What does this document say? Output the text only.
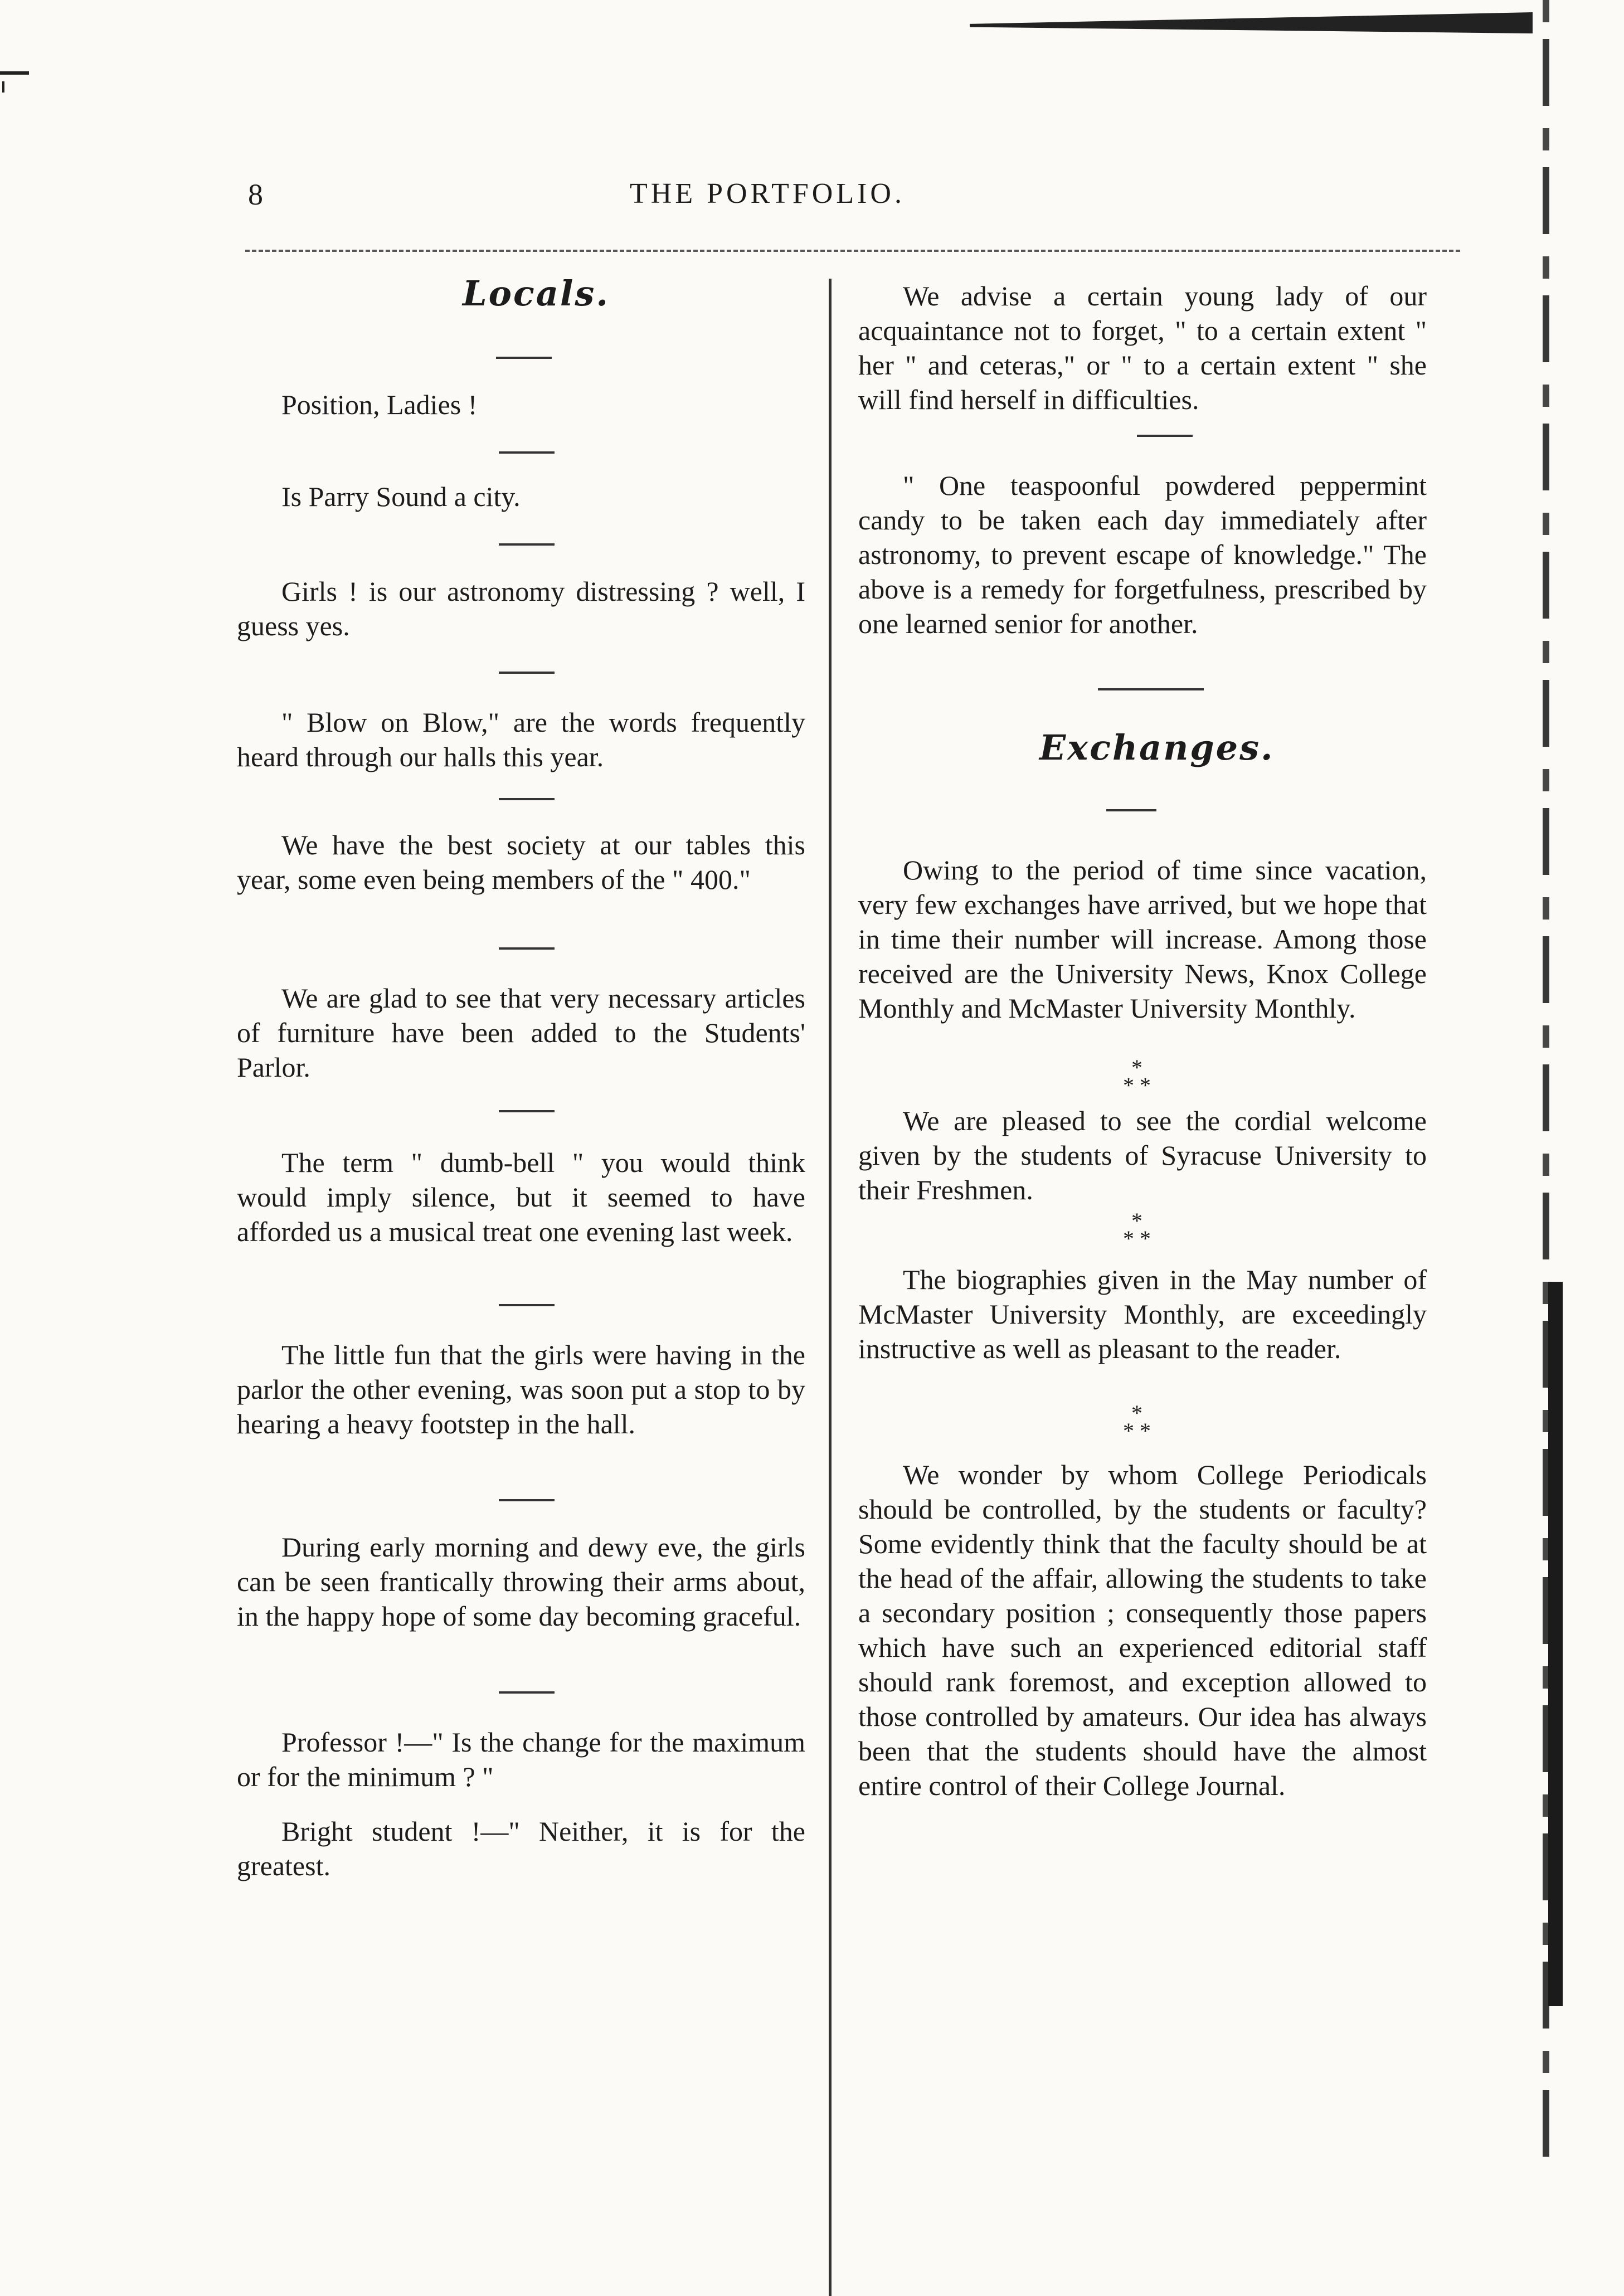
8	THE PORTFOLIO.
Locals.

Position, Ladies !

Is Parry Sound a city.

Girls ! is our astronomy distressing ? well, I guess yes.

" Blow on Blow," are the words frequently heard through our halls this year.

We have the best society at our tables this year, some even being members of the " 400."

We are glad to see that very necessary articles of furniture have been added to the Students' Parlor.

The term " dumb-bell " you would think would imply silence, but it seemed to have afforded us a musical treat one evening last week.

The little fun that the girls were having in the parlor the other evening, was soon put a stop to by hearing a heavy footstep in the hall.

During early morning and dewy eve, the girls can be seen frantically throwing their arms about, in the happy hope of some day becoming graceful.

Professor !—" Is the change for the maximum or for the minimum ? "

Bright student !—" Neither, it is for the greatest.

We advise a certain young lady of our acquaintance not to forget, " to a certain extent " her " and ceteras," or " to a certain extent " she will find herself in difficulties.

" One teaspoonful powdered peppermint candy to be taken each day immediately after astronomy, to prevent escape of knowledge." The above is a remedy for forgetfulness, prescribed by one learned senior for another.

Exchanges.

Owing to the period of time since vacation, very few exchanges have arrived, but we hope that in time their number will increase. Among those received are the University News, Knox College Monthly and McMaster University Monthly.

*
* *

We are pleased to see the cordial welcome given by the students of Syracuse University to their Freshmen.

*
* *

The biographies given in the May number of McMaster University Monthly, are exceedingly instructive as well as pleasant to the reader.

*
* *

We wonder by whom College Periodicals should be controlled, by the students or faculty? Some evidently think that the faculty should be at the head of the affair, allowing the students to take a secondary position ; consequently those papers which have such an experienced editorial staff should rank foremost, and exception allowed to those controlled by amateurs. Our idea has always been that the students should have the almost entire control of their College Journal.
